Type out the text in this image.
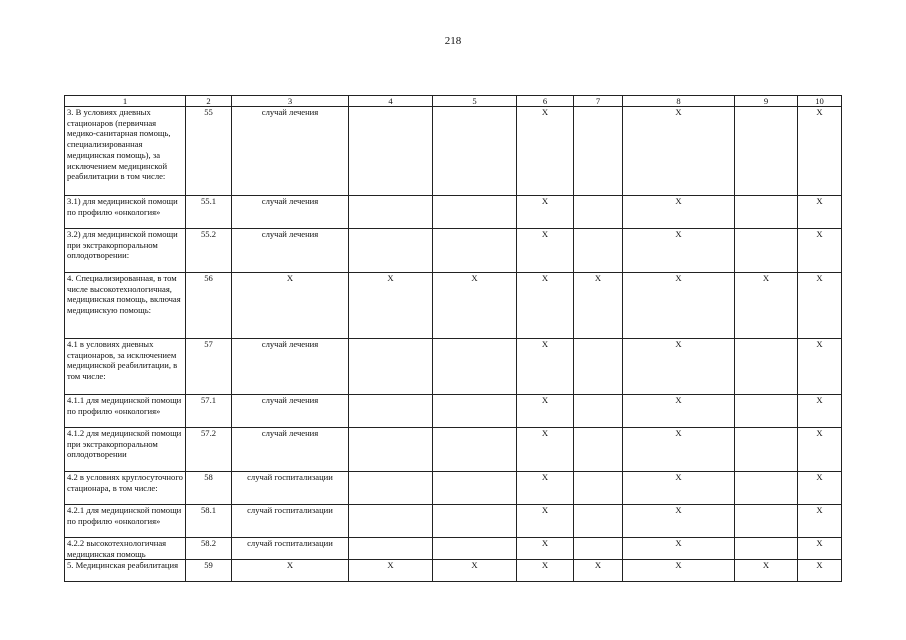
218
1	2	3	4	5	6	7	8	9	10
3. В условиях дневных стационаров (первичная медико-санитарная помощь, специализированная медицинская помощь), за исключением медицинской реабилитации в том числе:	55	случай лечения			X		X		X
3.1) для медицинской помощи по профилю «онкология»	55.1	случай лечения			X		X		X
3.2) для медицинской помощи при экстракорпоральном оплодотворении:	55.2	случай лечения			X		X		X
4. Специализированная, в том числе высокотехнологичная, медицинская помощь, включая медицинскую помощь:	56	X	X	X	X	X	X	X	X
4.1 в условиях дневных стационаров, за исключением медицинской реабилитации, в том числе:	57	случай лечения			X		X		X
4.1.1 для медицинской помощи по профилю «онкология»	57.1	случай лечения			X		X		X
4.1.2 для медицинской помощи при экстракорпоральном оплодотворении	57.2	случай лечения			X		X		X
4.2 в условиях круглосуточного стационара, в том числе:	58	случай госпитализации			X		X		X
4.2.1 для медицинской помощи по профилю «онкология»	58.1	случай госпитализации			X		X		X
4.2.2 высокотехнологичная медицинская помощь	58.2	случай госпитализации			X		X		X
5. Медицинская реабилитация	59	X	X	X	X	X	X	X	X
